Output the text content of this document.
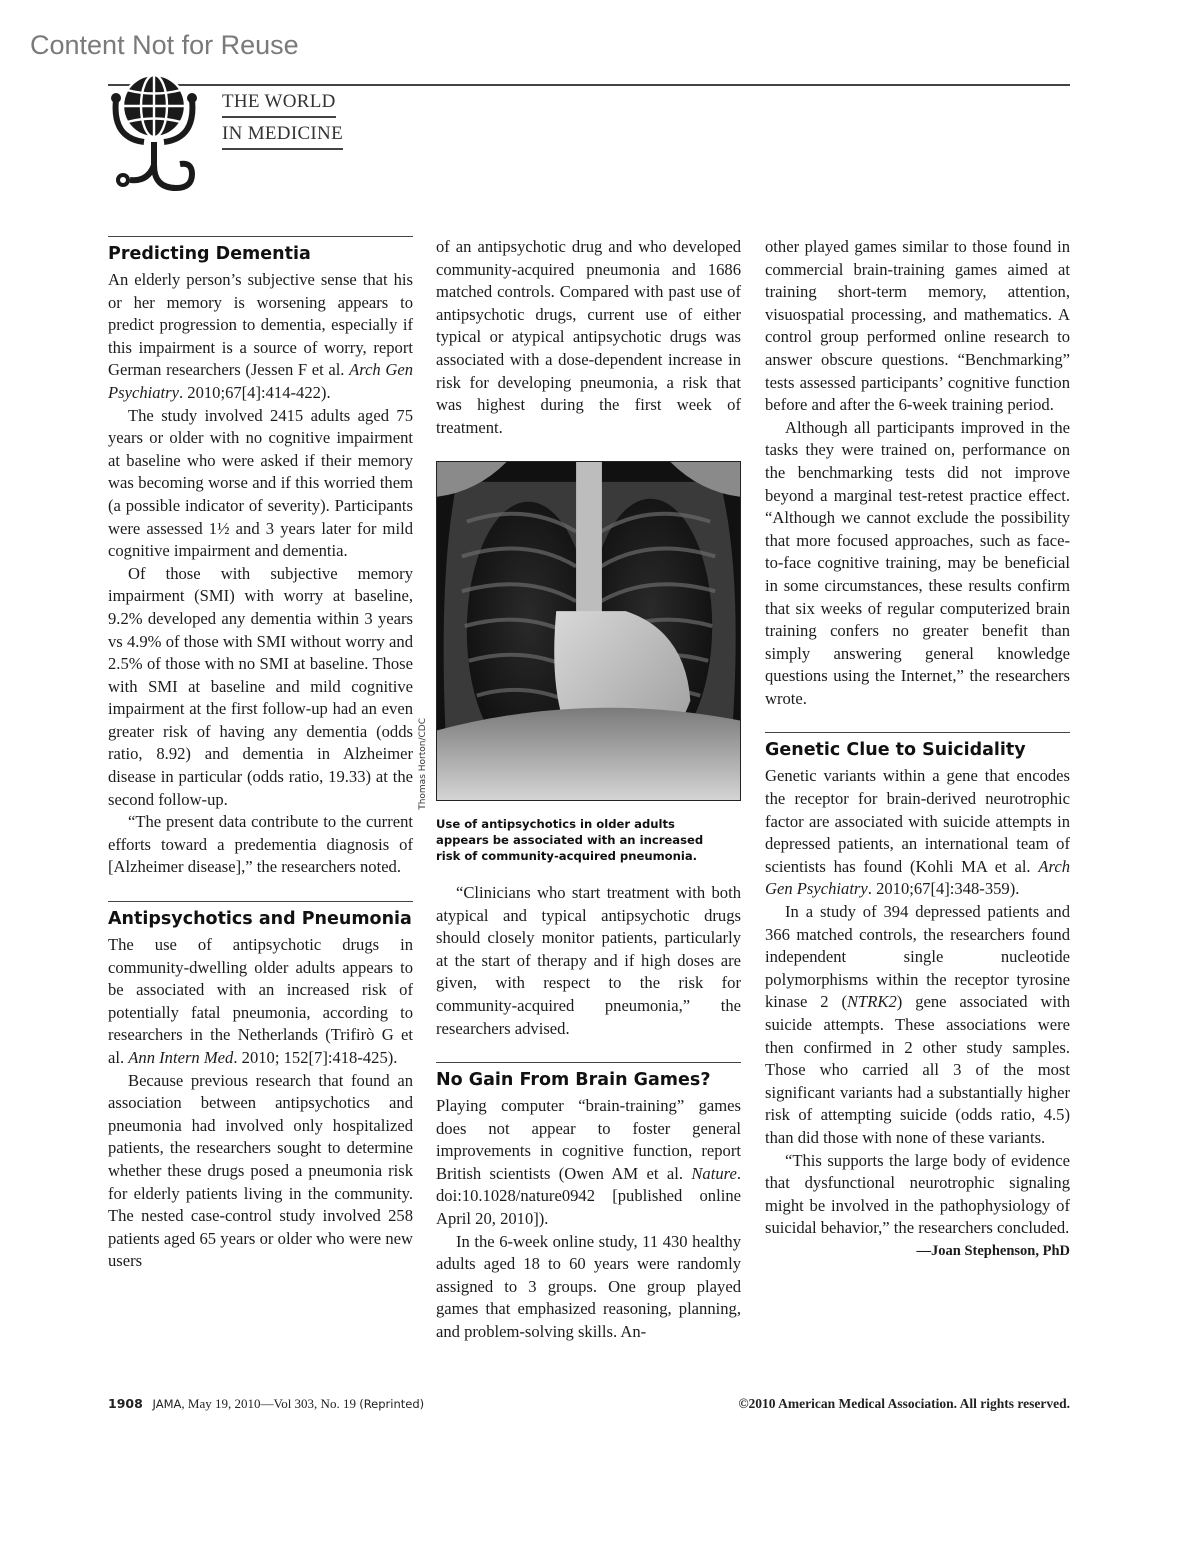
Content Not for Reuse
THE WORLD
IN MEDICINE
Predicting Dementia

An elderly person’s subjective sense that his or her memory is worsening appears to predict progression to dementia, especially if this impairment is a source of worry, report German researchers (Jessen F et al. Arch Gen Psychiatry. 2010;67[4]:414-422).

The study involved 2415 adults aged 75 years or older with no cognitive impairment at baseline who were asked if their memory was becoming worse and if this worried them (a possible indicator of severity). Participants were assessed 1½ and 3 years later for mild cognitive impairment and dementia.

Of those with subjective memory impairment (SMI) with worry at baseline, 9.2% developed any dementia within 3 years vs 4.9% of those with SMI without worry and 2.5% of those with no SMI at baseline. Those with SMI at baseline and mild cognitive impairment at the first follow-up had an even greater risk of having any dementia (odds ratio, 8.92) and dementia in Alzheimer disease in particular (odds ratio, 19.33) at the second follow-up.

“The present data contribute to the current efforts toward a predementia diagnosis of [Alzheimer disease],” the researchers noted.

Antipsychotics and Pneumonia

The use of antipsychotic drugs in community-dwelling older adults appears to be associated with an increased risk of potentially fatal pneumonia, according to researchers in the Netherlands (Trifirò G et al. Ann Intern Med. 2010; 152[7]:418-425).

Because previous research that found an association between antipsychotics and pneumonia had involved only hospitalized patients, the researchers sought to determine whether these drugs posed a pneumonia risk for elderly patients living in the community. The nested case-control study involved 258 patients aged 65 years or older who were new users

of an antipsychotic drug and who developed community-acquired pneumonia and 1686 matched controls. Compared with past use of antipsychotic drugs, current use of either typical or atypical antipsychotic drugs was associated with a dose-dependent increase in risk for developing pneumonia, a risk that was highest during the first week of treatment.

Use of antipsychotics in older adults appears be associated with an increased risk of community-acquired pneumonia.

“Clinicians who start treatment with both atypical and typical antipsychotic drugs should closely monitor patients, particularly at the start of therapy and if high doses are given, with respect to the risk for community-acquired pneumonia,” the researchers advised.

No Gain From Brain Games?

Playing computer “brain-training” games does not appear to foster general improvements in cognitive function, report British scientists (Owen AM et al. Nature. doi:10.1028/nature0942 [published online April 20, 2010]).

In the 6-week online study, 11 430 healthy adults aged 18 to 60 years were randomly assigned to 3 groups. One group played games that emphasized reasoning, planning, and problem-solving skills. An-

Thomas Horton/CDC

other played games similar to those found in commercial brain-training games aimed at training short-term memory, attention, visuospatial processing, and mathematics. A control group performed online research to answer obscure questions. “Benchmarking” tests assessed participants’ cognitive function before and after the 6-week training period.

Although all participants improved in the tasks they were trained on, performance on the benchmarking tests did not improve beyond a marginal test-retest practice effect. “Although we cannot exclude the possibility that more focused approaches, such as face-to-face cognitive training, may be beneficial in some circumstances, these results confirm that six weeks of regular computerized brain training confers no greater benefit than simply answering general knowledge questions using the Internet,” the researchers wrote.

Genetic Clue to Suicidality

Genetic variants within a gene that encodes the receptor for brain-derived neurotrophic factor are associated with suicide attempts in depressed patients, an international team of scientists has found (Kohli MA et al. Arch Gen Psychiatry. 2010;67[4]:348-359).

In a study of 394 depressed patients and 366 matched controls, the researchers found independent single nucleotide polymorphisms within the receptor tyrosine kinase 2 (NTRK2) gene associated with suicide attempts. These associations were then confirmed in 2 other study samples. Those who carried all 3 of the most significant variants had a substantially higher risk of attempting suicide (odds ratio, 4.5) than did those with none of these variants.

“This supports the large body of evidence that dysfunctional neurotrophic signaling might be involved in the pathophysiology of suicidal behavior,” the researchers concluded.

—Joan Stephenson, PhD

1908 JAMA, May 19, 2010—Vol 303, No. 19 (Reprinted)	©2010 American Medical Association. All rights reserved.
